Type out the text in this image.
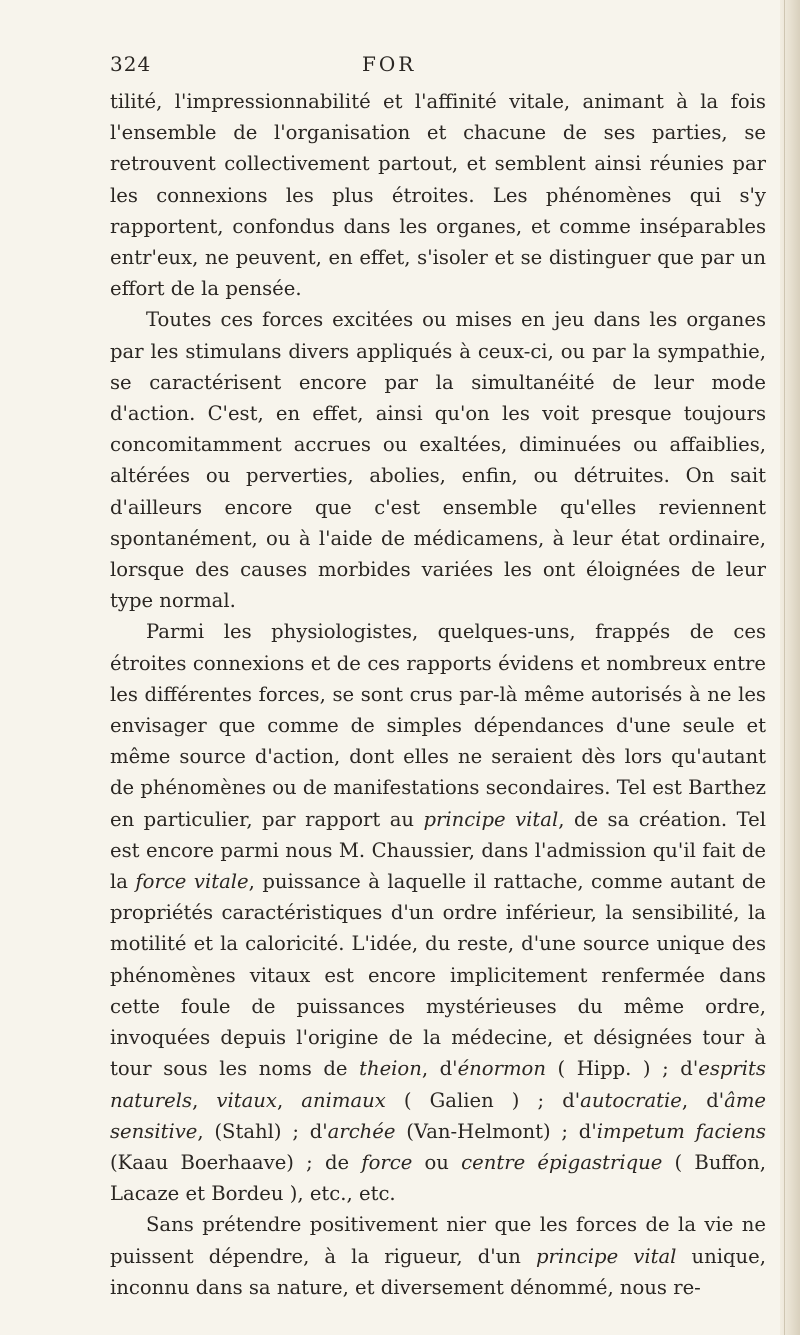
324	FOR

tilité, l'impressionnabilité et l'affinité vitale, animant à la fois l'ensemble de l'organisation et chacune de ses parties, se retrouvent collectivement partout, et semblent ainsi réunies par les connexions les plus étroites. Les phénomènes qui s'y rapportent, confondus dans les organes, et comme inséparables entr'eux, ne peuvent, en effet, s'isoler et se distinguer que par un effort de la pensée.

Toutes ces forces excitées ou mises en jeu dans les organes par les stimulans divers appliqués à ceux-ci, ou par la sympathie, se caractérisent encore par la simultanéité de leur mode d'action. C'est, en effet, ainsi qu'on les voit presque toujours concomitamment accrues ou exaltées, diminuées ou affaiblies, altérées ou perverties, abolies, enfin, ou détruites. On sait d'ailleurs encore que c'est ensemble qu'elles reviennent spontanément, ou à l'aide de médicamens, à leur état ordinaire, lorsque des causes morbides variées les ont éloignées de leur type normal.

Parmi les physiologistes, quelques-uns, frappés de ces étroites connexions et de ces rapports évidens et nombreux entre les différentes forces, se sont crus par-là même autorisés à ne les envisager que comme de simples dépendances d'une seule et même source d'action, dont elles ne seraient dès lors qu'autant de phénomènes ou de manifestations secondaires. Tel est Barthez en particulier, par rapport au principe vital, de sa création. Tel est encore parmi nous M. Chaussier, dans l'admission qu'il fait de la force vitale, puissance à laquelle il rattache, comme autant de propriétés caractéristiques d'un ordre inférieur, la sensibilité, la motilité et la caloricité. L'idée, du reste, d'une source unique des phénomènes vitaux est encore implicitement renfermée dans cette foule de puissances mystérieuses du même ordre, invoquées depuis l'origine de la médecine, et désignées tour à tour sous les noms de theion, d'énormon ( Hipp. ) ; d'esprits naturels, vitaux, animaux ( Galien ) ; d'autocratie, d'âme sensitive, (Stahl) ; d'archée (Van-Helmont) ; d'impetum faciens (Kaau Boerhaave) ; de force ou centre épigastrique ( Buffon, Lacaze et Bordeu ), etc., etc.

Sans prétendre positivement nier que les forces de la vie ne puissent dépendre, à la rigueur, d'un principe vital unique, inconnu dans sa nature, et diversement dénommé, nous re-
